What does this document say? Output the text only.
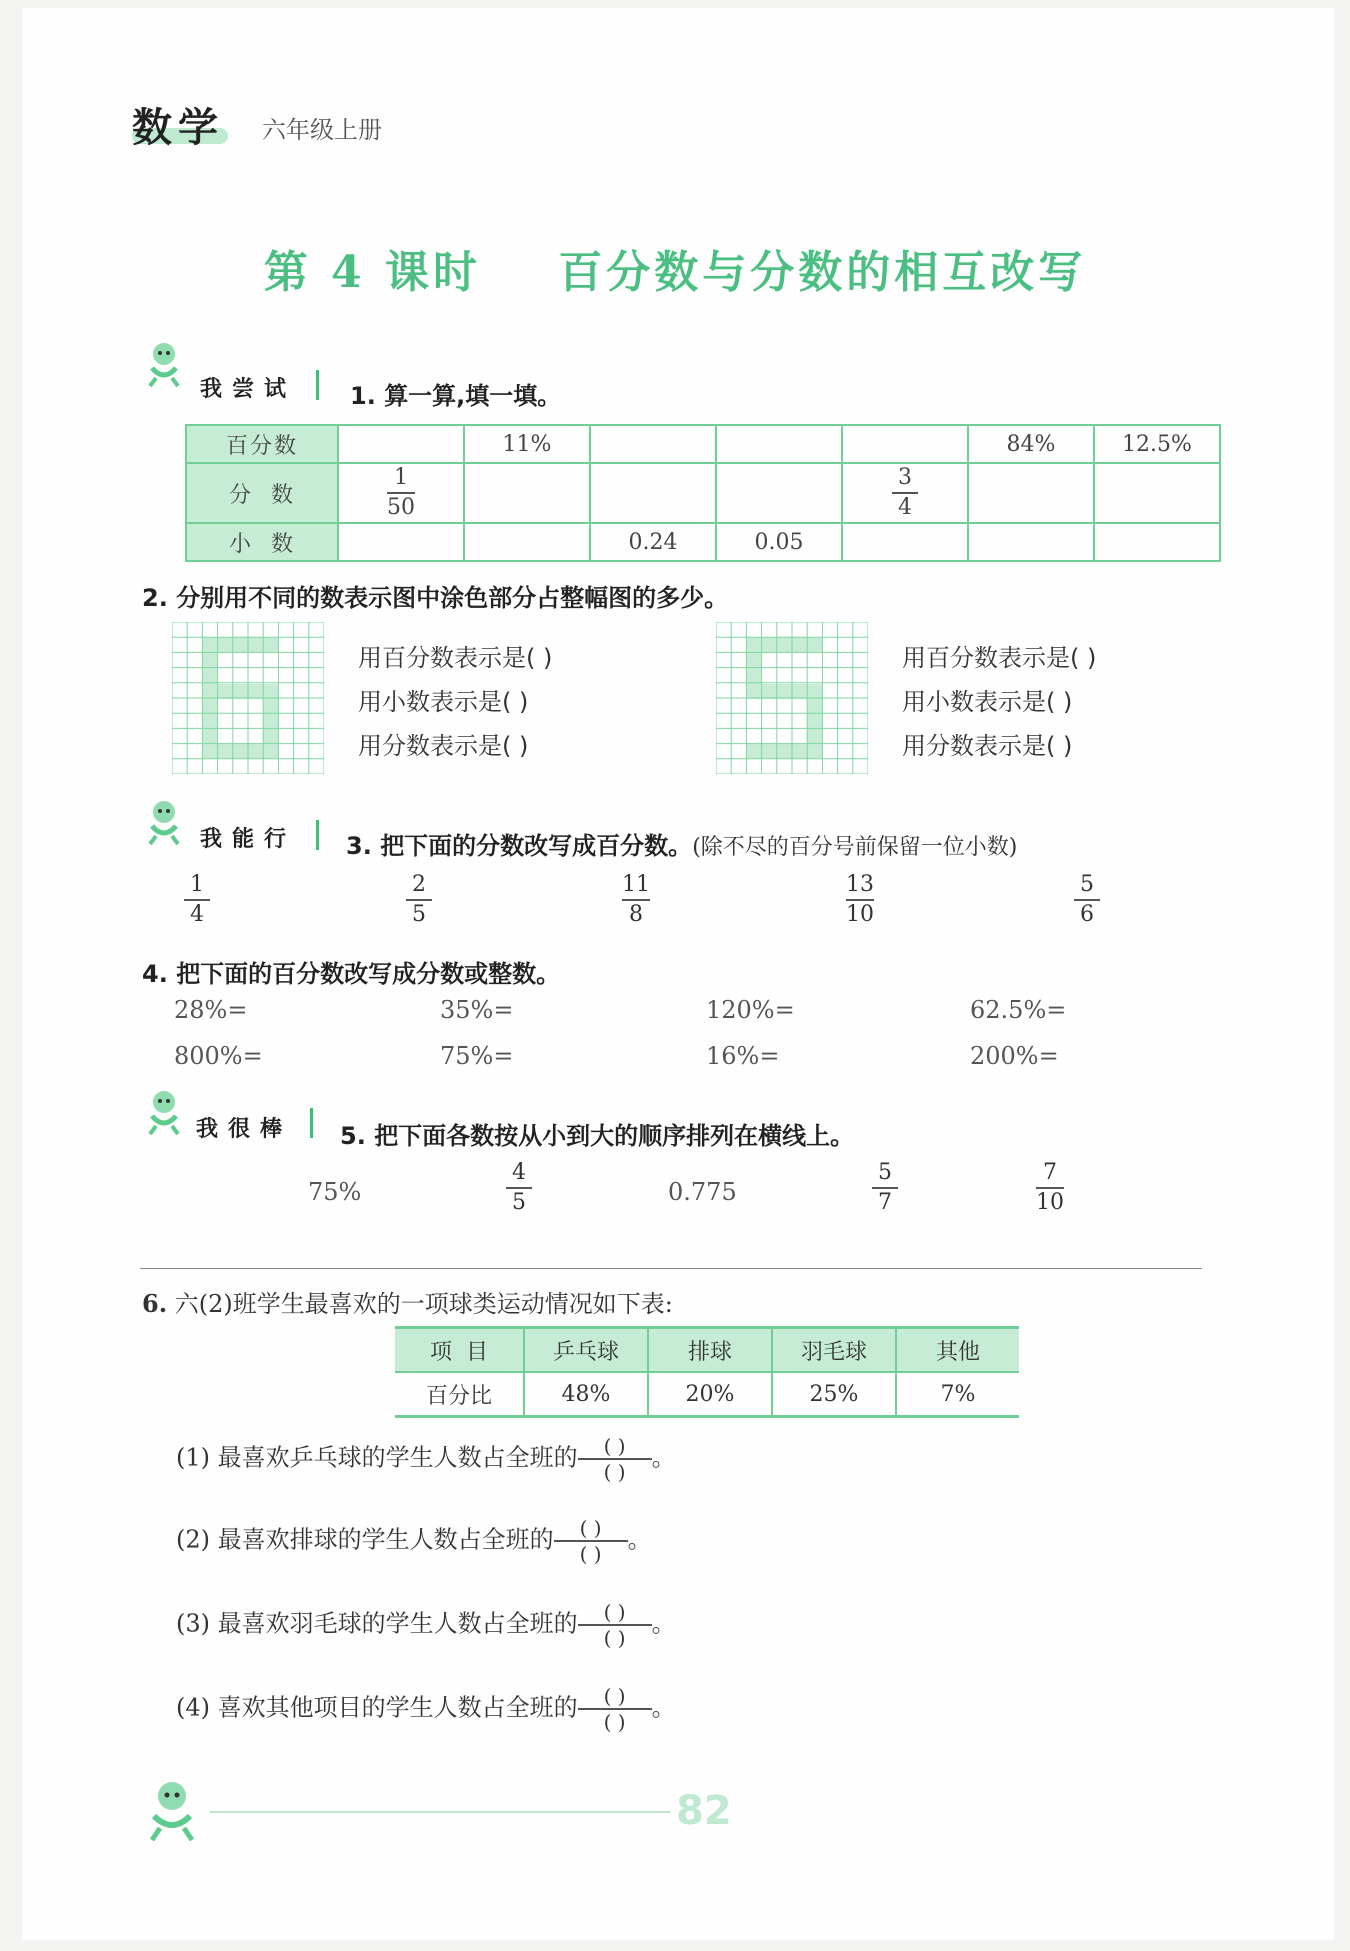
数学 六年级上册
第 4 课时    百分数与分数的相互改写
我尝试 1. 算一算,填一填。
百分数		11%				84%	12.5%
分  数	$\frac{1}{50}$				$\frac{3}{4}$

小  数			0.24	0.05			
2. 分别用不同的数表示图中涂色部分占整幅图的多少。
用百分数表示是( )
用小数表示是( )
用分数表示是( )
用百分数表示是( )
用小数表示是( )
用分数表示是( )
我能行 3. 把下面的分数改写成百分数。(除不尽的百分号前保留一位小数)
$\frac{1}{4}$	$\frac{2}{5}$	$\frac{11}{8}$	$\frac{13}{10}$	$\frac{5}{6}$
4. 把下面的百分数改写成分数或整数。
28%=	35%=	120%=	62.5%=
800%=	75%=	16%=	200%=
我很棒 5. 把下面各数按从小到大的顺序排列在横线上。
75%	$\frac{4}{5}$	0.775	$\frac{5}{7}$	$\frac{7}{10}$
6. 六(2)班学生最喜欢的一项球类运动情况如下表:
项  目	乒乓球	排球	羽毛球	其他
百分比	48%	20%	25%	7%
(1) 最喜欢乒乓球的学生人数占全班的 ( )
( )
。
(2) 最喜欢排球的学生人数占全班的 ( )
( )
。
(3) 最喜欢羽毛球的学生人数占全班的 ( )
( )
。
(4) 喜欢其他项目的学生人数占全班的 ( )
( )
。
82
